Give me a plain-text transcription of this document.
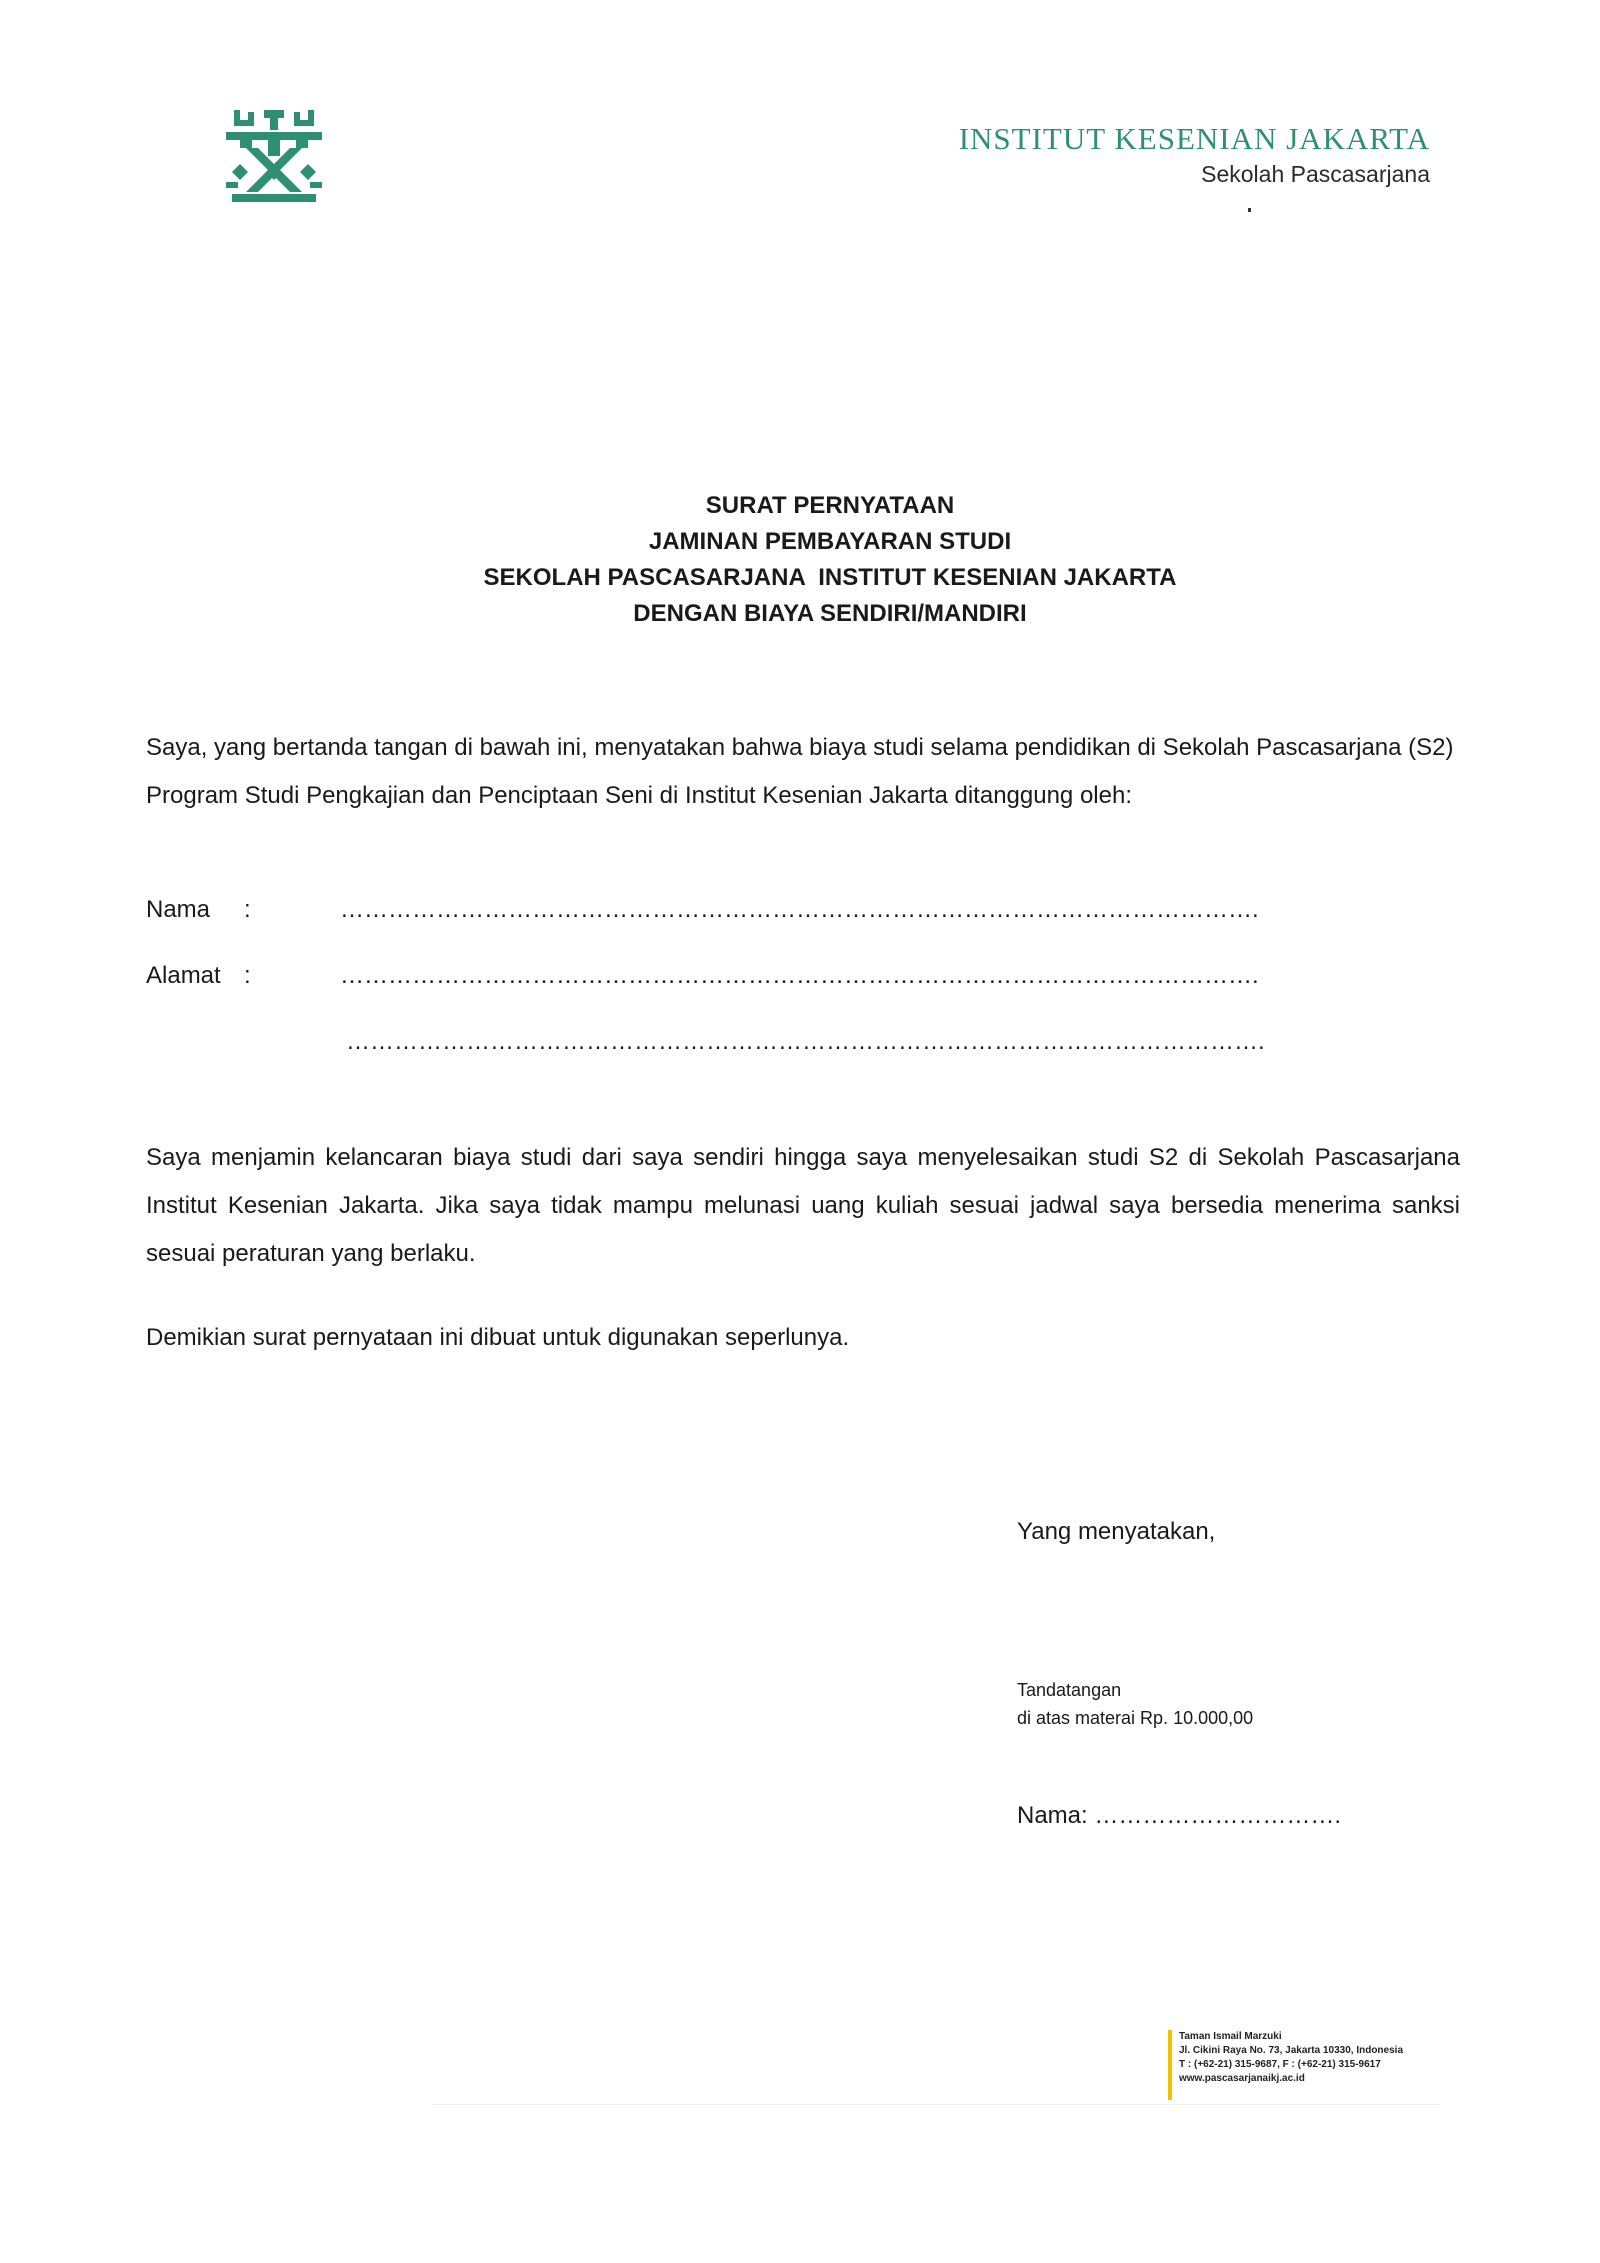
INSTITUT KESENIAN JAKARTA
Sekolah Pascasarjana
SURAT PERNYATAAN
JAMINAN PEMBAYARAN STUDI
SEKOLAH PASCASARJANA  INSTITUT KESENIAN JAKARTA
DENGAN BIAYA SENDIRI/MANDIRI
Saya, yang bertanda tangan di bawah ini, menyatakan bahwa biaya studi selama pendidikan di Sekolah Pascasarjana (S2)
Program Studi Pengkajian dan Penciptaan Seni di Institut Kesenian Jakarta ditanggung oleh:
Nama :	…………………………………………………………………………………………………….
Alamat :	…………………………………………………………………………………………………….
…………………………………………………………………………………………………….
Saya menjamin kelancaran biaya studi dari saya sendiri hingga saya menyelesaikan studi S2 di Sekolah Pascasarjana Institut Kesenian Jakarta. Jika saya tidak mampu melunasi uang kuliah sesuai jadwal saya bersedia menerima sanksi sesuai peraturan yang berlaku.
Demikian surat pernyataan ini dibuat untuk digunakan seperlunya.
Yang menyatakan,
Tandatangan
di atas materai Rp. 10.000,00
Nama: ………………………….
Taman Ismail Marzuki
Jl. Cikini Raya No. 73, Jakarta 10330, Indonesia
T : (+62-21) 315-9687, F : (+62-21) 315-9617
www.pascasarjanaikj.ac.id
